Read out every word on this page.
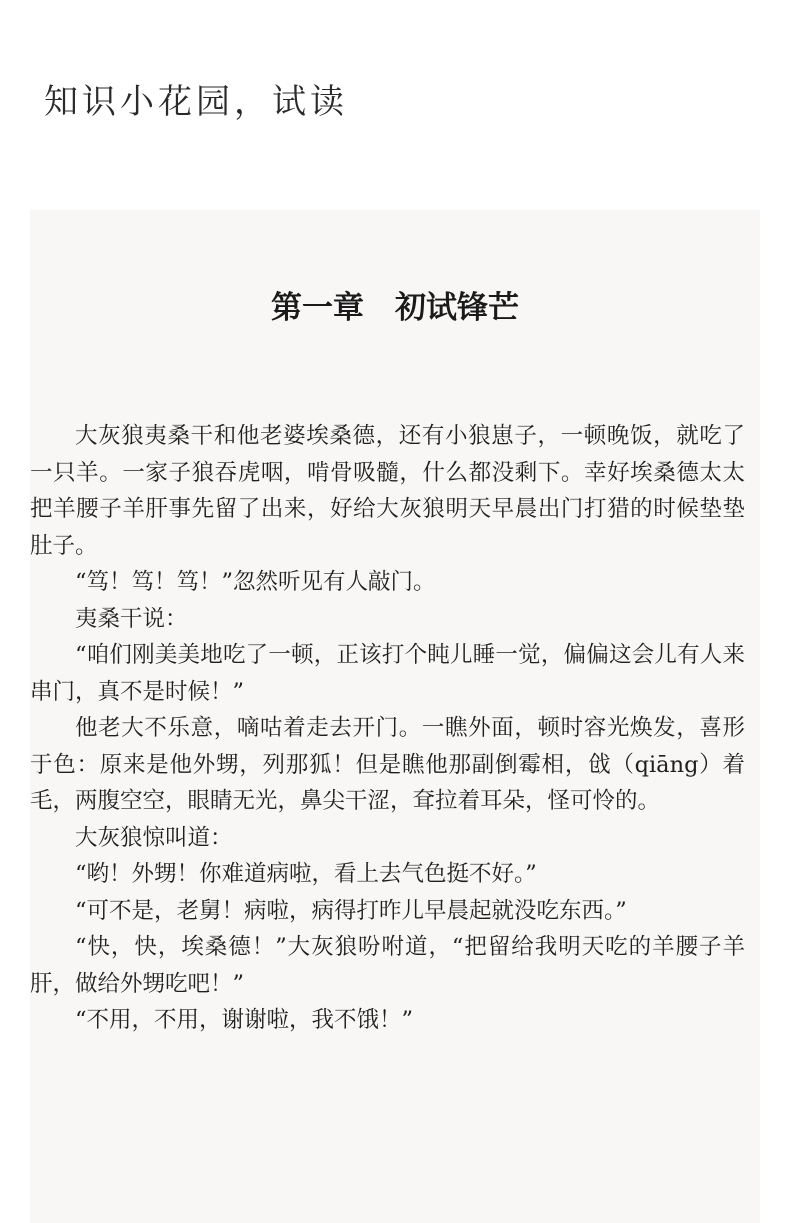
知识小花园，试读
第一章　初试锋芒

大灰狼夷桑干和他老婆埃桑德，还有小狼崽子，一顿晚饭，就吃了一只羊。一家子狼吞虎咽，啃骨吸髓，什么都没剩下。幸好埃桑德太太把羊腰子羊肝事先留了出来，好给大灰狼明天早晨出门打猎的时候垫垫肚子。

“笃！笃！笃！”忽然听见有人敲门。

夷桑干说：

“咱们刚美美地吃了一顿，正该打个盹儿睡一觉，偏偏这会儿有人来串门，真不是时候！”

他老大不乐意，嘀咕着走去开门。一瞧外面，顿时容光焕发，喜形于色：原来是他外甥，列那狐！但是瞧他那副倒霉相，戗（qiāng）着毛，两腹空空，眼睛无光，鼻尖干涩，耷拉着耳朵，怪可怜的。

大灰狼惊叫道：

“哟！外甥！你难道病啦，看上去气色挺不好。”

“可不是，老舅！病啦，病得打昨儿早晨起就没吃东西。”

“快，快，埃桑德！”大灰狼吩咐道，“把留给我明天吃的羊腰子羊肝，做给外甥吃吧！”

“不用，不用，谢谢啦，我不饿！”
